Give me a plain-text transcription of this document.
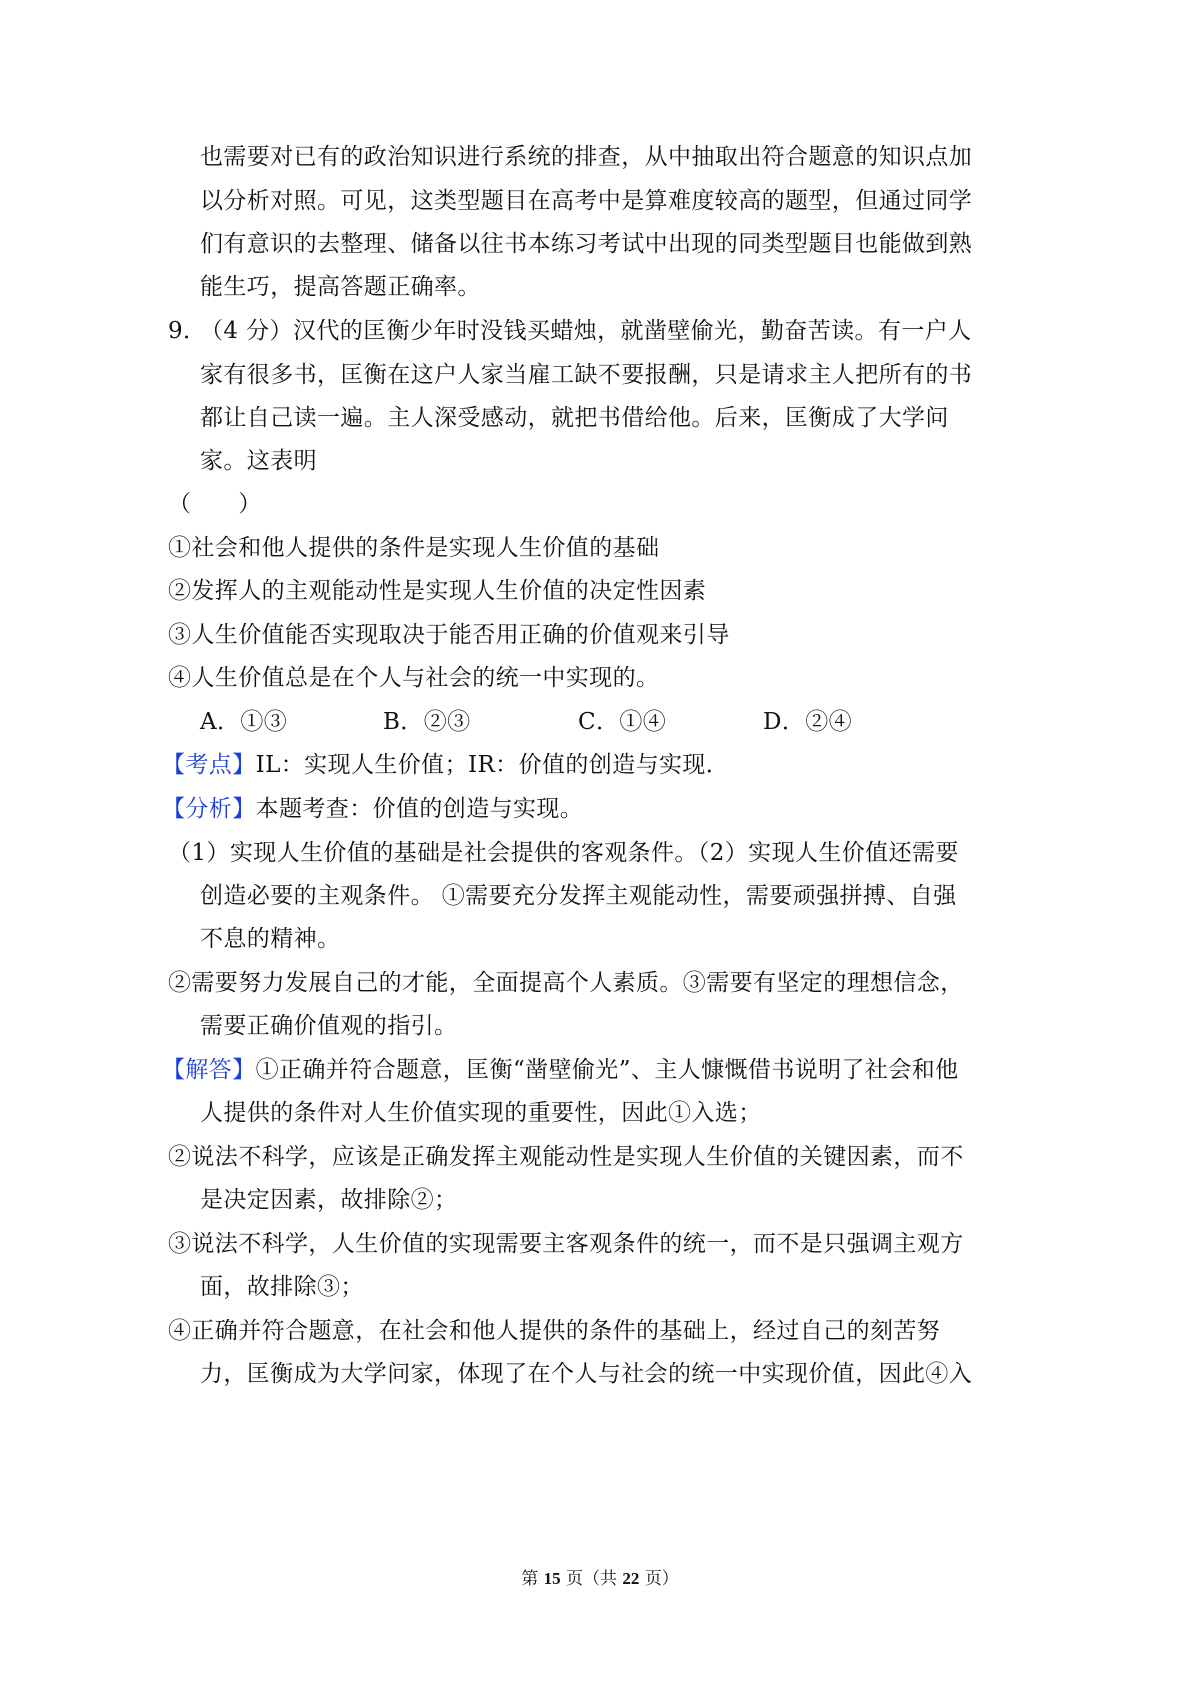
也需要对已有的政治知识进行系统的排查，从中抽取出符合题意的知识点加
以分析对照。可见，这类型题目在高考中是算难度较高的题型，但通过同学
们有意识的去整理、储备以往书本练习考试中出现的同类型题目也能做到熟
能生巧，提高答题正确率。
9．
（4 分）汉代的匡衡少年时没钱买蜡烛，就凿壁偷光，勤奋苦读。有一户人
家有很多书，匡衡在这户人家当雇工缺不要报酬，只是请求主人把所有的书
都让自己读一遍。主人深受感动，就把书借给他。后来，匡衡成了大学问
家。这表明
（　　）
①社会和他人提供的条件是实现人生价值的基础
②发挥人的主观能动性是实现人生价值的决定性因素
③人生价值能否实现取决于能否用正确的价值观来引导
④人生价值总是在个人与社会的统一中实现的。
A．①③	B．②③	C．①④	D．②④
【考点】IL：实现人生价值；IR：价值的创造与实现．
【分析】本题考查：价值的创造与实现。
（1）实现人生价值的基础是社会提供的客观条件。（2）实现人生价值还需要
创造必要的主观条件。 ①需要充分发挥主观能动性，需要顽强拼搏、自强
不息的精神。
②需要努力发展自己的才能，全面提高个人素质。③需要有坚定的理想信念，
需要正确价值观的指引。
【解答】①正确并符合题意，匡衡“凿壁偷光”、主人慷慨借书说明了社会和他
人提供的条件对人生价值实现的重要性，因此①入选；
②说法不科学，应该是正确发挥主观能动性是实现人生价值的关键因素，而不
是决定因素，故排除②；
③说法不科学，人生价值的实现需要主客观条件的统一，而不是只强调主观方
面，故排除③；
④正确并符合题意，在社会和他人提供的条件的基础上，经过自己的刻苦努
力，匡衡成为大学问家，体现了在个人与社会的统一中实现价值，因此④入
第 15 页（共 22 页）
